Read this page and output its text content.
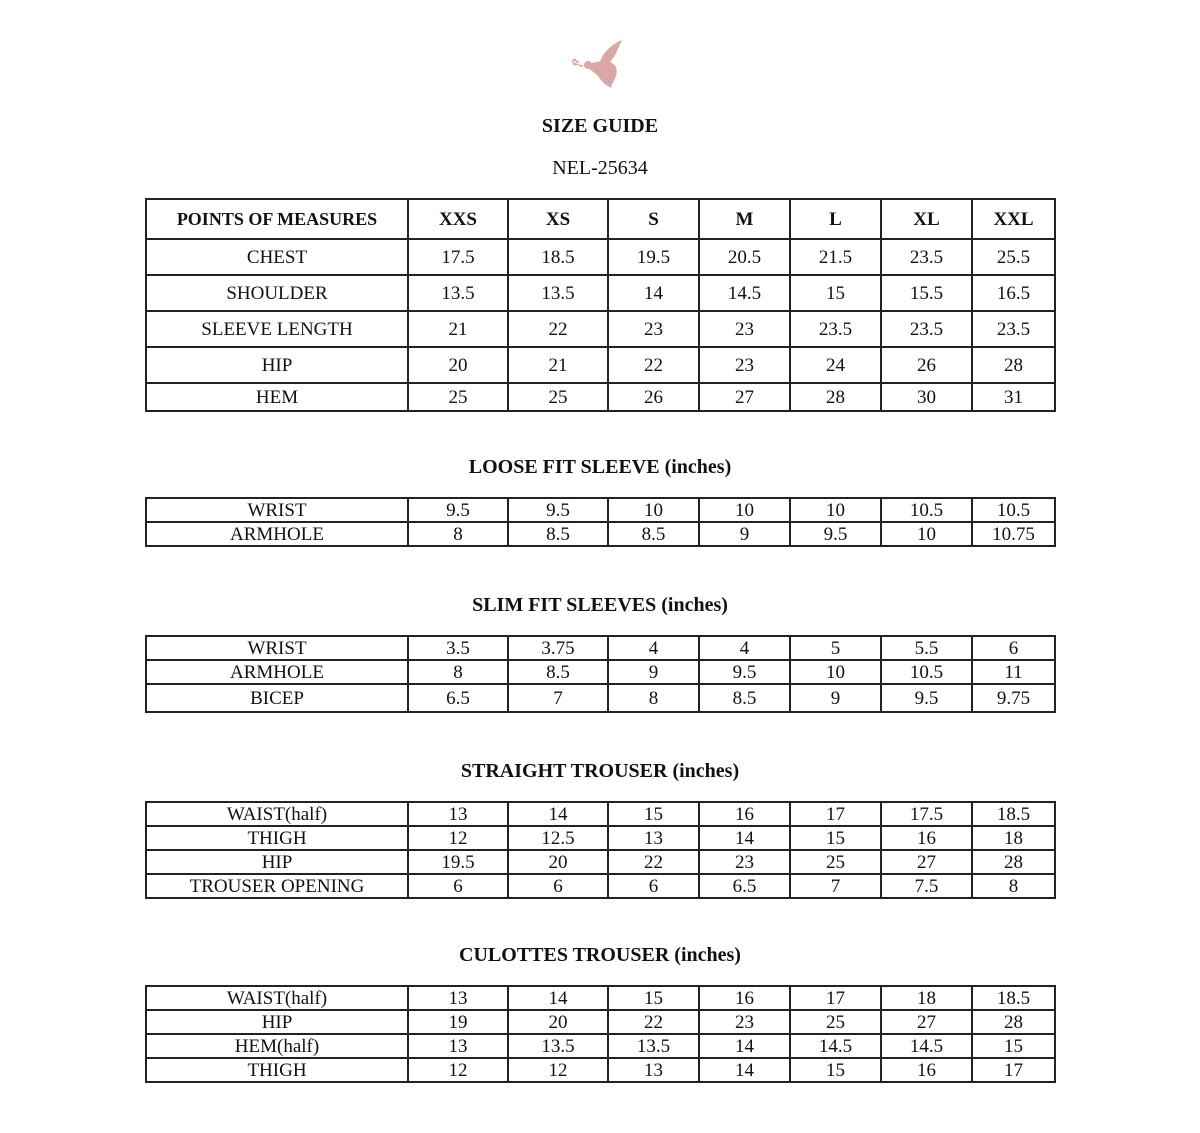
SIZE GUIDE
NEL-25634
POINTS OF MEASURES	XXS	XS	S	M	L	XL	XXL
CHEST	17.5	18.5	19.5	20.5	21.5	23.5	25.5
SHOULDER	13.5	13.5	14	14.5	15	15.5	16.5
SLEEVE LENGTH	21	22	23	23	23.5	23.5	23.5
HIP	20	21	22	23	24	26	28
HEM	25	25	26	27	28	30	31
LOOSE FIT SLEEVE (inches)
WRIST	9.5	9.5	10	10	10	10.5	10.5
ARMHOLE	8	8.5	8.5	9	9.5	10	10.75
SLIM FIT SLEEVES (inches)
WRIST	3.5	3.75	4	4	5	5.5	6
ARMHOLE	8	8.5	9	9.5	10	10.5	11
BICEP	6.5	7	8	8.5	9	9.5	9.75
STRAIGHT TROUSER (inches)
WAIST(half)	13	14	15	16	17	17.5	18.5
THIGH	12	12.5	13	14	15	16	18
HIP	19.5	20	22	23	25	27	28
TROUSER OPENING	6	6	6	6.5	7	7.5	8
CULOTTES TROUSER (inches)
WAIST(half)	13	14	15	16	17	18	18.5
HIP	19	20	22	23	25	27	28
HEM(half)	13	13.5	13.5	14	14.5	14.5	15
THIGH	12	12	13	14	15	16	17
